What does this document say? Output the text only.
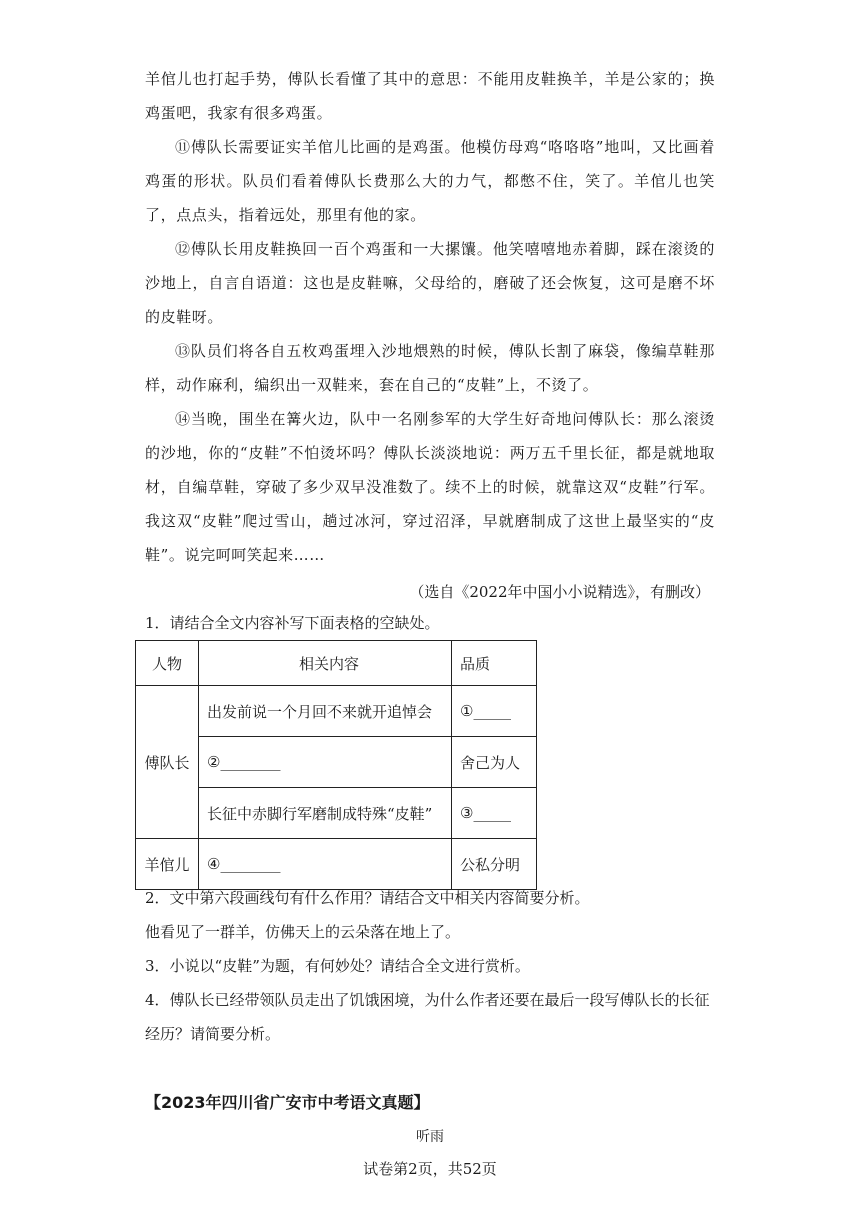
羊倌儿也打起手势，傅队长看懂了其中的意思：不能用皮鞋换羊，羊是公家的；换鸡蛋吧，我家有很多鸡蛋。

⑪傅队长需要证实羊倌儿比画的是鸡蛋。他模仿母鸡“咯咯咯”地叫，又比画着鸡蛋的形状。队员们看着傅队长费那么大的力气，都憋不住，笑了。羊倌儿也笑了，点点头，指着远处，那里有他的家。

⑫傅队长用皮鞋换回一百个鸡蛋和一大摞馕。他笑嘻嘻地赤着脚，踩在滚烫的沙地上，自言自语道：这也是皮鞋嘛，父母给的，磨破了还会恢复，这可是磨不坏的皮鞋呀。

⑬队员们将各自五枚鸡蛋埋入沙地煨熟的时候，傅队长割了麻袋，像编草鞋那样，动作麻利，编织出一双鞋来，套在自己的“皮鞋”上，不烫了。

⑭当晚，围坐在篝火边，队中一名刚参军的大学生好奇地问傅队长：那么滚烫的沙地，你的“皮鞋”不怕烫坏吗？傅队长淡淡地说：两万五千里长征，都是就地取材，自编草鞋，穿破了多少双早没准数了。续不上的时候，就靠这双“皮鞋”行军。我这双“皮鞋”爬过雪山，趟过冰河，穿过沼泽，早就磨制成了这世上最坚实的“皮鞋”。说完呵呵笑起来……

（选自《2022年中国小小说精选》，有删改）

1．请结合全文内容补写下面表格的空缺处。

人物	相关内容	品质
傅队长	出发前说一个月回不来就开追悼会	①_____
	②________	舍己为人
	长征中赤脚行军磨制成特殊“皮鞋”	③_____
羊倌儿	④________	公私分明

2．文中第六段画线句有什么作用？请结合文中相关内容简要分析。

他看见了一群羊，仿佛天上的云朵落在地上了。

3．小说以“皮鞋”为题，有何妙处？请结合全文进行赏析。

4．傅队长已经带领队员走出了饥饿困境，为什么作者还要在最后一段写傅队长的长征经历？请简要分析。

【2023年四川省广安市中考语文真题】

听雨

试卷第2页，共52页
